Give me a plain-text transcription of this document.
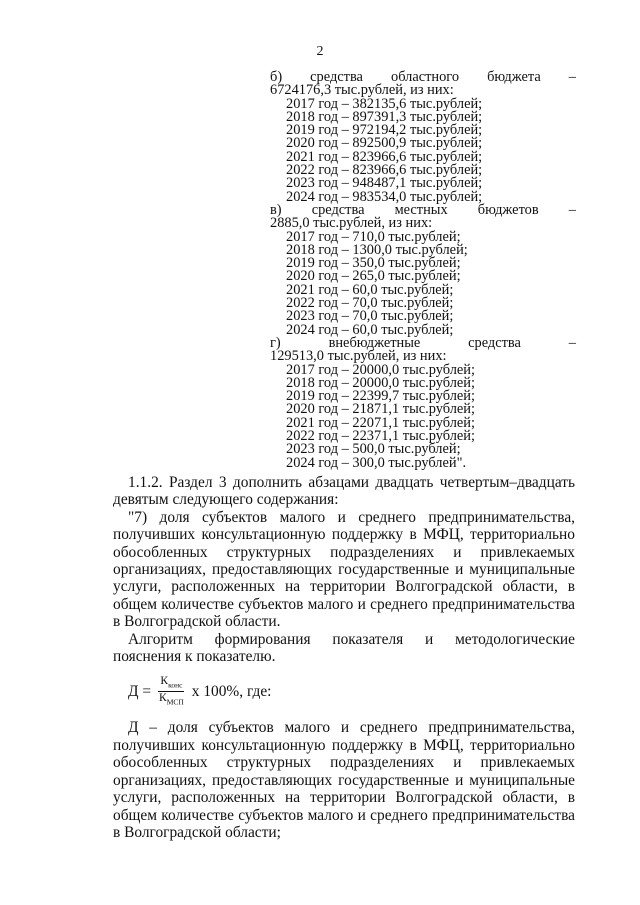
2
б) средства областного бюджета –
6724176,3 тыс.рублей, из них:
2017 год – 382135,6 тыс.рублей;
2018 год – 897391,3 тыс.рублей;
2019 год – 972194,2 тыс.рублей;
2020 год – 892500,9 тыс.рублей;
2021 год – 823966,6 тыс.рублей;
2022 год – 823966,6 тыс.рублей;
2023 год – 948487,1 тыс.рублей;
2024 год – 983534,0 тыс.рублей;
в) средства местных бюджетов –
2885,0 тыс.рублей, из них:
2017 год – 710,0 тыс.рублей;
2018 год – 1300,0 тыс.рублей;
2019 год – 350,0 тыс.рублей;
2020 год – 265,0 тыс.рублей;
2021 год – 60,0 тыс.рублей;
2022 год – 70,0 тыс.рублей;
2023 год – 70,0 тыс.рублей;
2024 год – 60,0 тыс.рублей;
г)	внебюджетные	средства	–
129513,0 тыс.рублей, из них:
2017 год – 20000,0 тыс.рублей;
2018 год – 20000,0 тыс.рублей;
2019 год – 22399,7 тыс.рублей;
2020 год – 21871,1 тыс.рублей;
2021 год – 22071,1 тыс.рублей;
2022 год – 22371,1 тыс.рублей;
2023 год – 500,0 тыс.рублей;
2024 год – 300,0 тыс.рублей".

1.1.2. Раздел 3 дополнить абзацами двадцать четвертым–двадцать девятым следующего содержания:

"7) доля субъектов малого и среднего предпринимательства, получивших консультационную поддержку в МФЦ, территориально обособленных структурных подразделениях и привлекаемых организациях, предоставляющих государственные и муниципальные услуги, расположенных на территории Волгоградской области, в общем количестве субъектов малого и среднего предпринимательства в Волгоградской области.

Алгоритм формирования показателя и методологические пояснения к показателю.

$Д = \frac{К_{конс}}{К_{МСП}}$ x 100%, где:

Д – доля субъектов малого и среднего предпринимательства, получивших консультационную поддержку в МФЦ, территориально обособленных структурных подразделениях и привлекаемых организациях, предоставляющих государственные и муниципальные услуги, расположенных на территории Волгоградской области, в общем количестве субъектов малого и среднего предпринимательства в Волгоградской области;
